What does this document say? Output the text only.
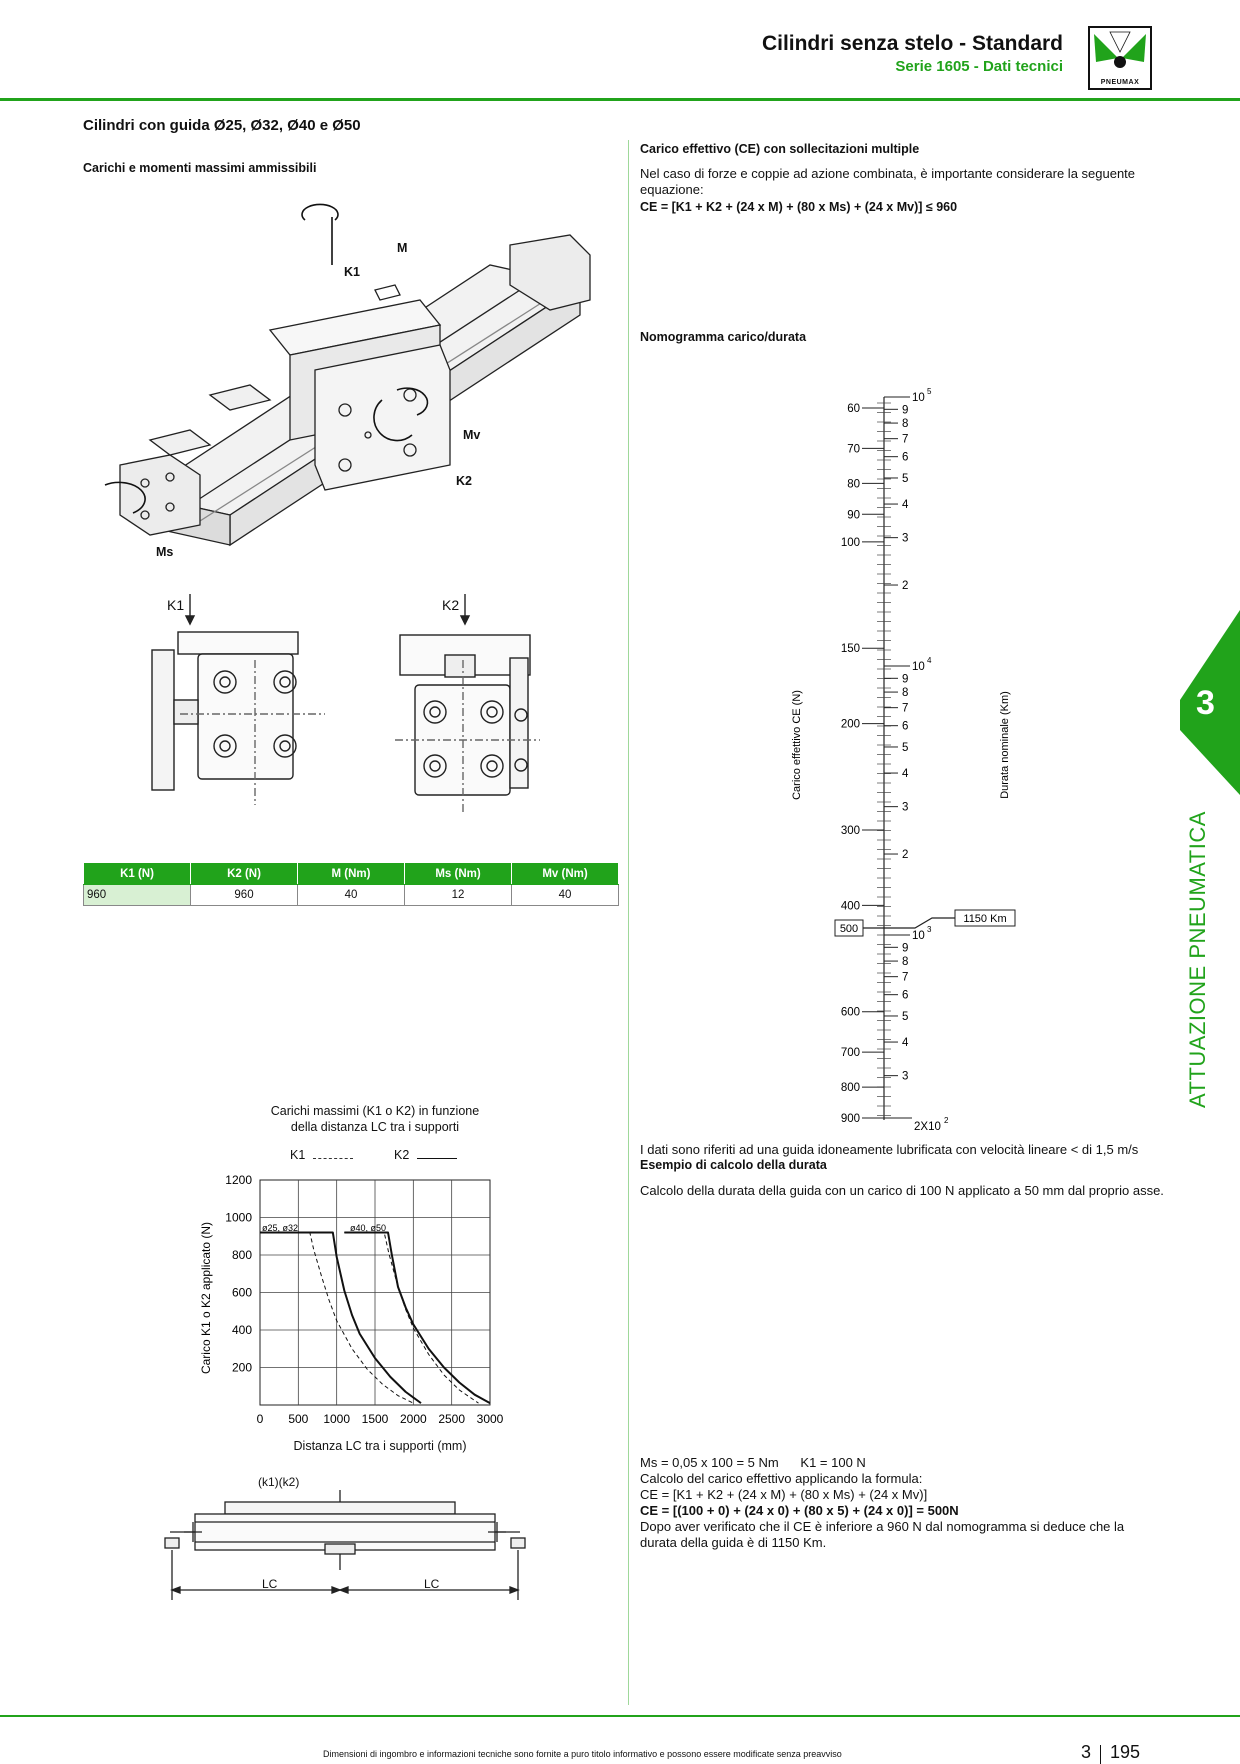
Cilindri senza stelo - Standard
Serie 1605 - Dati tecnici
PNEUMAX
Cilindri con guida Ø25, Ø32, Ø40 e Ø50
Carichi e momenti massimi ammissibili
M
K1
Mv
K2
Ms
K1	K2
K1 (N)	K2 (N)	M (Nm)	Ms (Nm)	Mv (Nm)
960	960	40	12	40
Carichi massimi (K1 o K2) in funzione
della distanza LC tra i supporti
K1	K2
0 500 1000 1500 2000 2500 3000
200
400
600
800
1000
1200
ø25, ø32	ø40, ø50
Carico K1 o K2 applicato (N)
Distanza LC tra i supporti (mm)
(k1)(k2)
LC	LC
Carico effettivo (CE) con sollecitazioni multiple
Nel caso di forze e coppie ad azione combinata, è importante considerare la seguente equazione:
CE = [K1 + K2 + (24 x M) + (80 x Ms) + (24 x Mv)] ≤ 960
Nomogramma carico/durata
60
70
80
90
100
150
200
300
400
600
700
800
900
9
8
7
6
5
4
3
2
9
8
7
6
5
4
3
2
9
8
7
6
5
4
3
10
5
10
4
10
3
2X10
2
500
1150 Km
Carico effettivo CE (N)	Durata nominale (Km)
I dati sono riferiti ad una guida idoneamente lubrificata con velocità lineare < di 1,5 m/s
Esempio di calcolo della durata
Calcolo della durata della guida con un carico di 100 N applicato a 50 mm dal proprio asse.
Ms = 0,05 x 100 = 5 Nm      K1 = 100 N
Calcolo del carico effettivo applicando la formula:
CE = [K1 + K2 + (24 x M) + (80 x Ms) + (24 x Mv)]
CE = [(100 + 0) + (24 x 0) + (80 x 5) + (24 x 0)] = 500N
Dopo aver verificato che il CE è inferiore a 960 N dal nomogramma si deduce che la durata della guida è di 1150 Km.
3
ATTUAZIONE PNEUMATICA
Dimensioni di ingombro e informazioni tecniche sono fornite a puro titolo informativo e possono essere modificate senza preavviso	3 195
